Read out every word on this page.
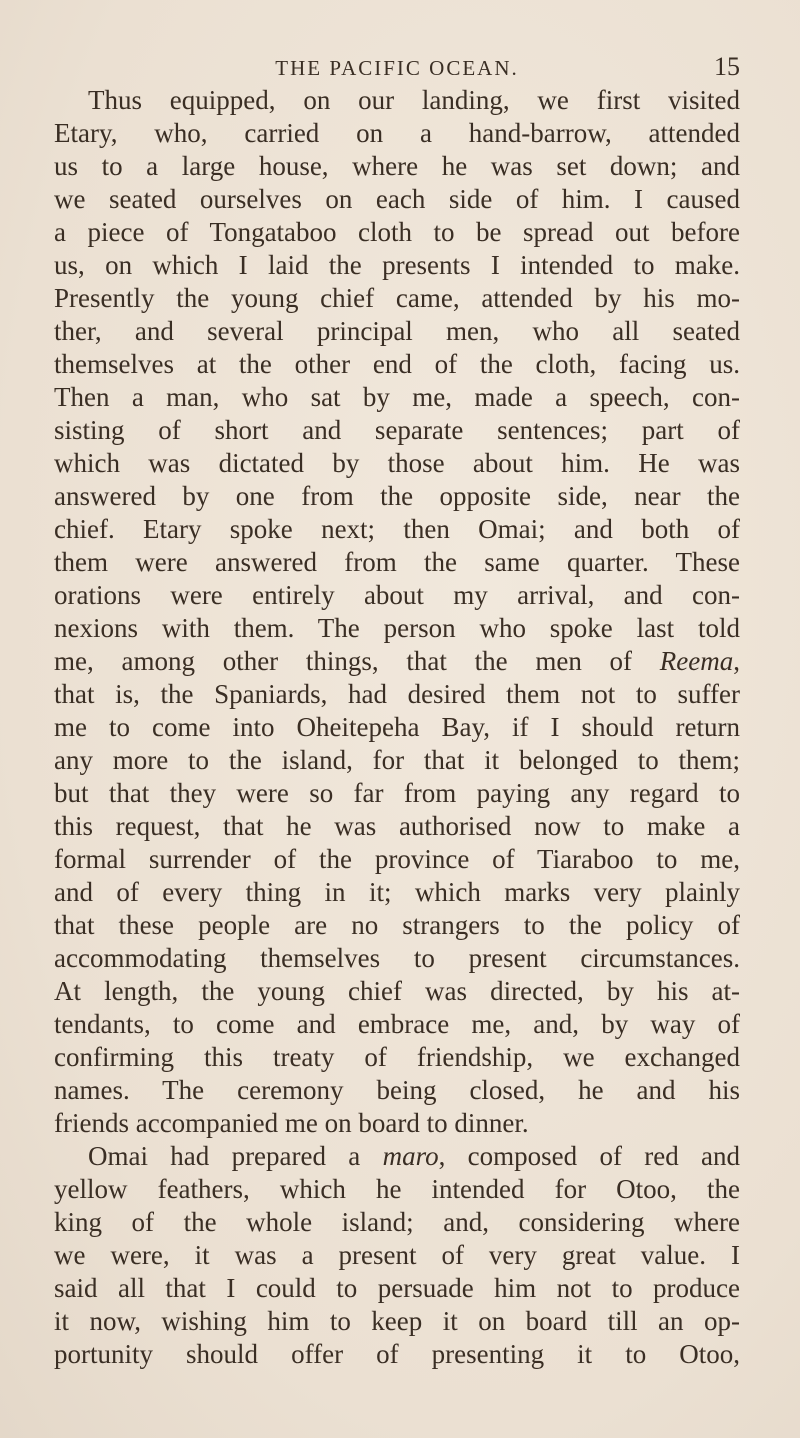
THE PACIFIC OCEAN.	15
Thus equipped, on our landing, we first visited
Etary, who, carried on a hand-barrow, attended
us to a large house, where he was set down; and
we seated ourselves on each side of him. I caused
a piece of Tongataboo cloth to be spread out before
us, on which I laid the presents I intended to make.
Presently the young chief came, attended by his mo-
ther, and several principal men, who all seated
themselves at the other end of the cloth, facing us.
Then a man, who sat by me, made a speech, con-
sisting of short and separate sentences; part of
which was dictated by those about him. He was
answered by one from the opposite side, near the
chief. Etary spoke next; then Omai; and both of
them were answered from the same quarter. These
orations were entirely about my arrival, and con-
nexions with them. The person who spoke last told
me, among other things, that the men of Reema,
that is, the Spaniards, had desired them not to suffer
me to come into Oheitepeha Bay, if I should return
any more to the island, for that it belonged to them;
but that they were so far from paying any regard to
this request, that he was authorised now to make a
formal surrender of the province of Tiaraboo to me,
and of every thing in it; which marks very plainly
that these people are no strangers to the policy of
accommodating themselves to present circumstances.
At length, the young chief was directed, by his at-
tendants, to come and embrace me, and, by way of
confirming this treaty of friendship, we exchanged
names. The ceremony being closed, he and his
friends accompanied me on board to dinner.
Omai had prepared a maro, composed of red and
yellow feathers, which he intended for Otoo, the
king of the whole island; and, considering where
we were, it was a present of very great value. I
said all that I could to persuade him not to produce
it now, wishing him to keep it on board till an op-
portunity should offer of presenting it to Otoo,
